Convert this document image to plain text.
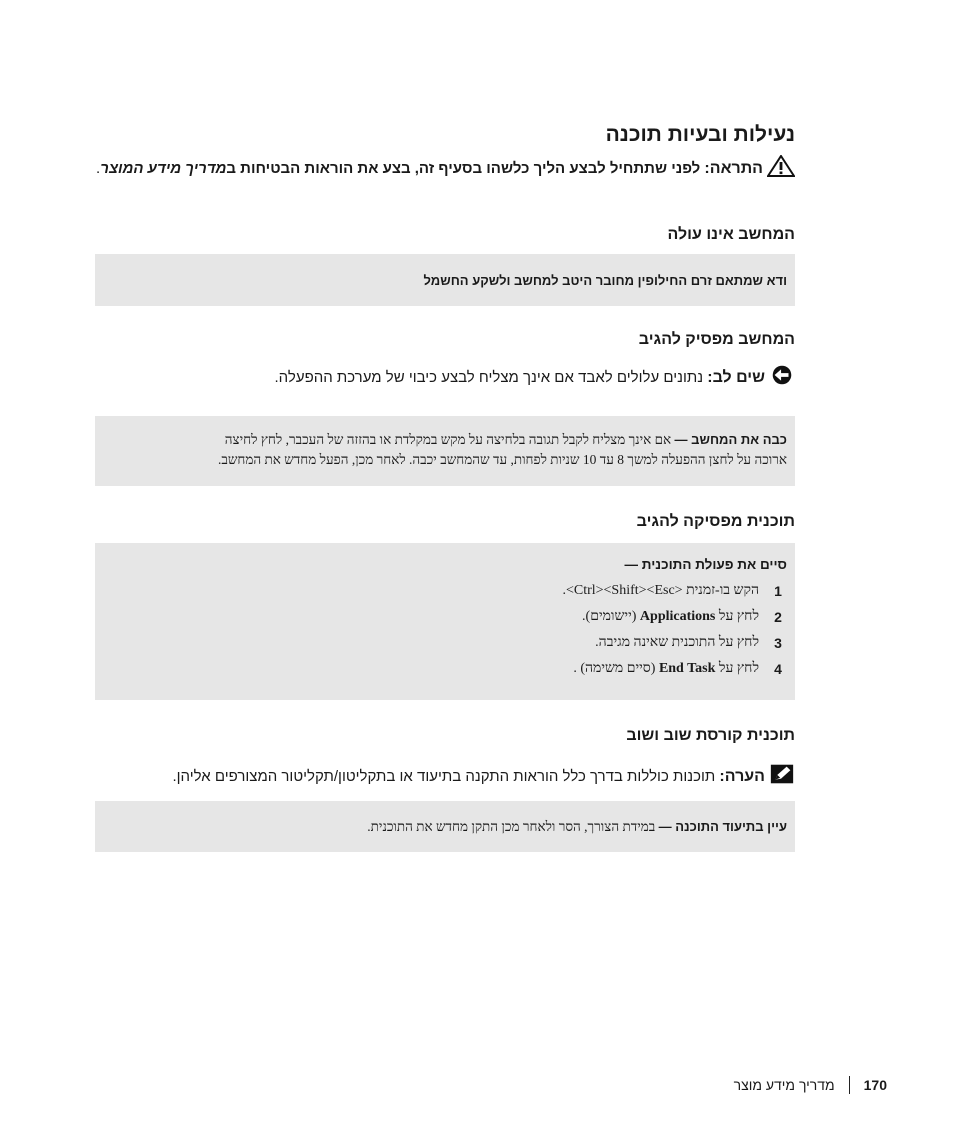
נעילות ובעיות תוכנה
התראה: לפני שתתחיל לבצע הליך כלשהו בסעיף זה, בצע את הוראות הבטיחות במדריך מידע המוצר.
המחשב אינו עולה
ודא שמתאם זרם החילופין מחובר היטב למחשב ולשקע החשמל
המחשב מפסיק להגיב
שים לב: נתונים עלולים לאבד אם אינך מצליח לבצע כיבוי של מערכת ההפעלה.
כבה את המחשב — אם אינך מצליח לקבל תגובה בלחיצה על מקש במקלדת או בהזזה של העכבר, לחץ לחיצה
ארוכה על לחצן ההפעלה למשך 8 עד 10 שניות לפחות, עד שהמחשב יכבה. לאחר מכן, הפעל מחדש את המחשב.
תוכנית מפסיקה להגיב
סיים את פעולת התוכנית —
1
הקש בו-זמנית <Ctrl><Shift><Esc>.
2
לחץ על Applications (יישומים).
3
לחץ על התוכנית שאינה מגיבה.
4
לחץ על End Task (סיים משימה) .
תוכנית קורסת שוב ושוב
הערה: תוכנות כוללות בדרך כלל הוראות התקנה בתיעוד או בתקליטון/תקליטור המצורפים אליהן.
עיין בתיעוד התוכנה — במידת הצורך, הסר ולאחר מכן התקן מחדש את התוכנית.
170
מדריך מידע מוצר
